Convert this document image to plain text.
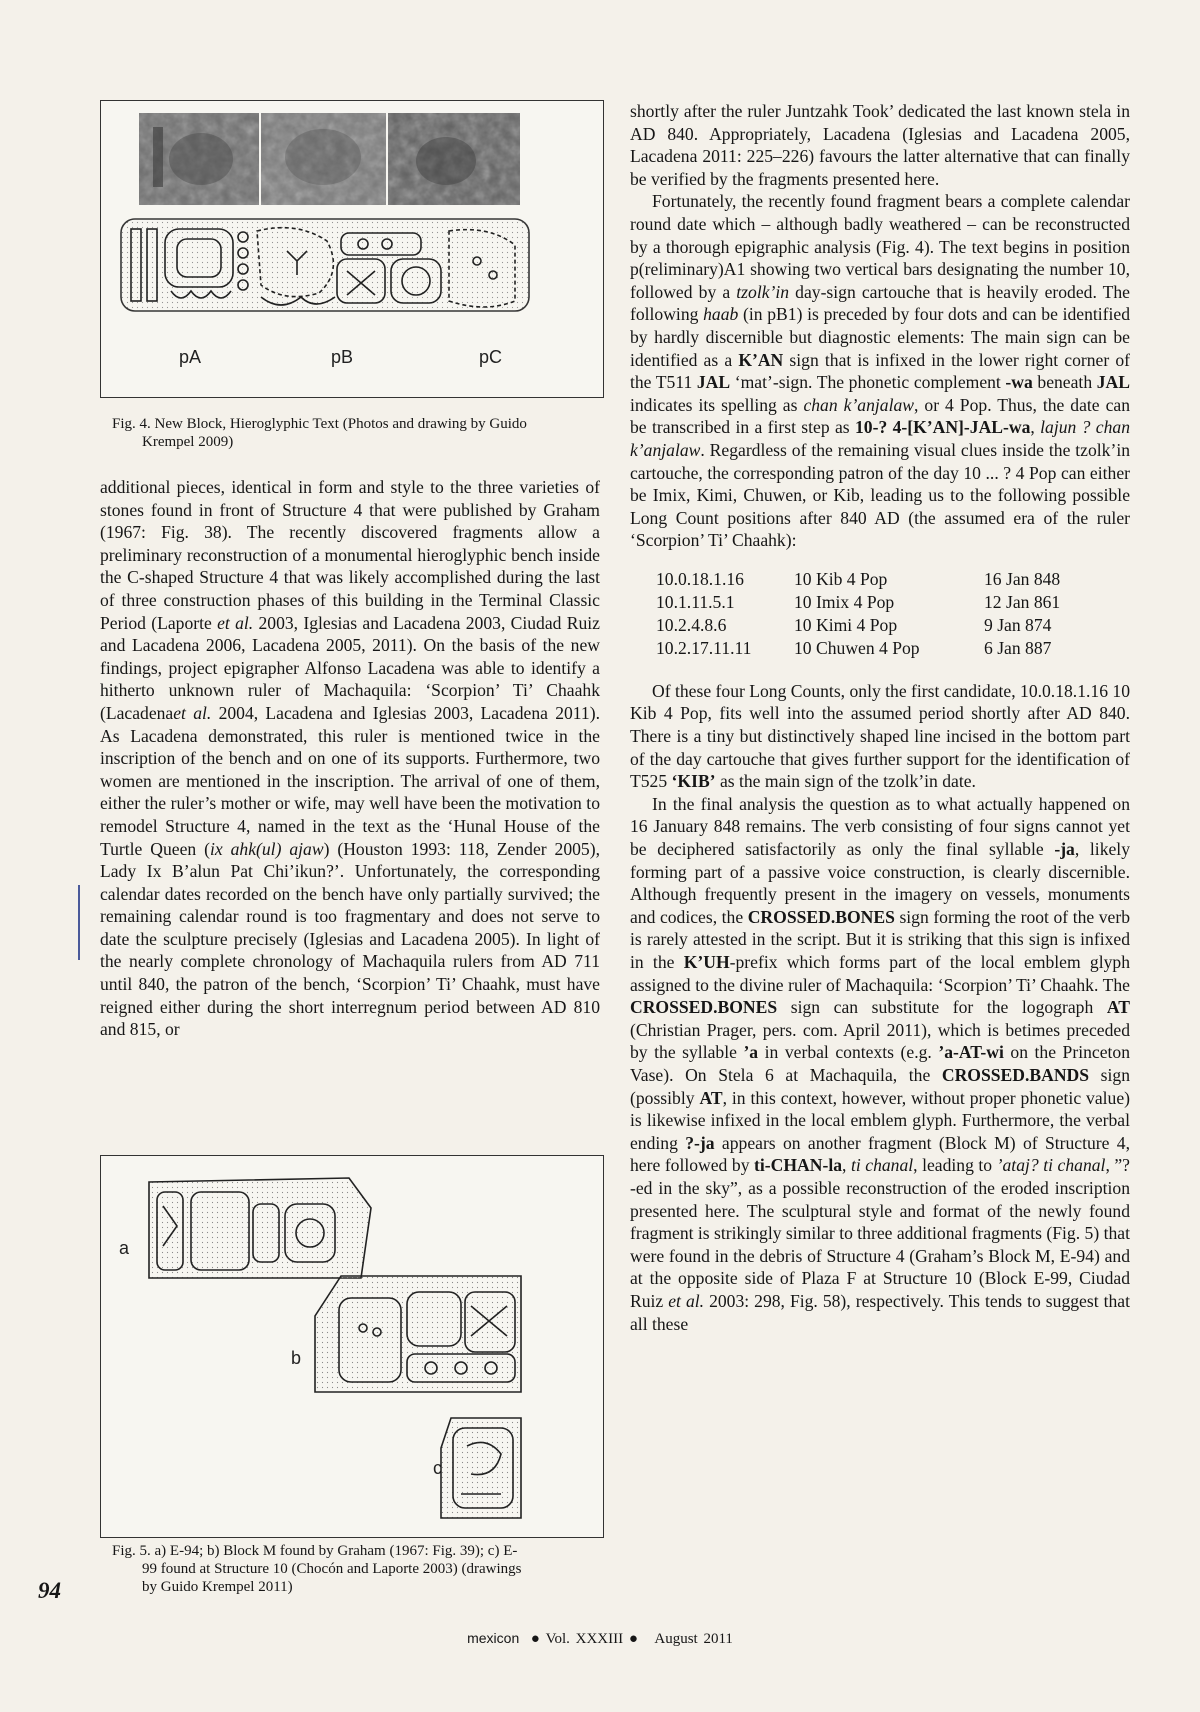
pA	pB	pC
Fig. 4. New Block, Hieroglyphic Text (Photos and drawing by Guido
Krempel 2009)

additional pieces, identical in form and style to the three varieties of stones found in front of Structure 4 that were published by Graham (1967: Fig. 38). The recently discovered fragments allow a preliminary reconstruction of a monumental hieroglyphic bench inside the C-shaped Structure 4 that was likely accomplished during the last of three construction phases of this building in the Terminal Classic Period (Laporte et al. 2003, Iglesias and Lacadena 2003, Ciudad Ruiz and Lacadena 2006, Lacadena 2005, 2011). On the basis of the new findings, project epigrapher Alfonso Lacadena was able to identify a hitherto unknown ruler of Machaquila: ‘Scorpion’ Ti’ Chaahk (Lacadenaet al. 2004, Lacadena and Iglesias 2003, Lacadena 2011). As Lacadena demonstrated, this ruler is mentioned twice in the inscription of the bench and on one of its supports. Furthermore, two women are mentioned in the inscription. The arrival of one of them, either the ruler’s mother or wife, may well have been the motivation to remodel Structure 4, named in the text as the ‘Hunal House of the Turtle Queen (ix ahk(ul) ajaw) (Houston 1993: 118, Zender 2005), Lady Ix B’alun Pat Chi’ikun?’. Unfortunately, the corresponding calendar dates recorded on the bench have only partially survived; the remaining calendar round is too fragmentary and does not serve to date the sculpture precisely (Iglesias and Lacadena 2005). In light of the nearly complete chronology of Machaquila rulers from AD 711 until 840, the patron of the bench, ‘Scorpion’ Ti’ Chaahk, must have reigned either during the short interregnum period between AD 810 and 815, or

a
b
c
Fig. 5. a) E-94; b) Block M found by Graham (1967: Fig. 39); c) E-
99 found at Structure 10 (Chocón and Laporte 2003) (drawings
by Guido Krempel 2011)

shortly after the ruler Juntzahk Took’ dedicated the last known stela in AD 840. Appropriately, Lacadena (Iglesias and Lacadena 2005, Lacadena 2011: 225–226) favours the latter alternative that can finally be verified by the fragments presented here.

Fortunately, the recently found fragment bears a complete calendar round date which – although badly weathered – can be reconstructed by a thorough epigraphic analysis (Fig. 4). The text begins in position p(reliminary)A1 showing two vertical bars designating the number 10, followed by a tzolk’in day-sign cartouche that is heavily eroded. The following haab (in pB1) is preceded by four dots and can be identified by hardly discernible but diagnostic elements: The main sign can be identified as a K’AN sign that is infixed in the lower right corner of the T511 JAL ‘mat’-sign. The phonetic complement -wa beneath JAL indicates its spelling as chan k’anjalaw, or 4 Pop. Thus, the date can be transcribed in a first step as 10-? 4-[K’AN]-JAL-wa, lajun ? chan k’anjalaw. Regardless of the remaining visual clues inside the tzolk’in cartouche, the corresponding patron of the day 10 ... ? 4 Pop can either be Imix, Kimi, Chuwen, or Kib, leading us to the following possible Long Count positions after 840 AD (the assumed era of the ruler ‘Scorpion’ Ti’ Chaahk):

10.0.18.1.16	10 Kib 4 Pop	16 Jan 848
10.1.11.5.1	10 Imix 4 Pop	12 Jan 861
10.2.4.8.6	10 Kimi 4 Pop	9 Jan 874
10.2.17.11.11	10 Chuwen 4 Pop	6 Jan 887

Of these four Long Counts, only the first candidate, 10.0.18.1.16 10 Kib 4 Pop, fits well into the assumed period shortly after AD 840. There is a tiny but distinctively shaped line incised in the bottom part of the day cartouche that gives further support for the identification of T525 ‘KIB’ as the main sign of the tzolk’in date.

In the final analysis the question as to what actually happened on 16 January 848 remains. The verb consisting of four signs cannot yet be deciphered satisfactorily as only the final syllable -ja, likely forming part of a passive voice construction, is clearly discernible. Although frequently present in the imagery on vessels, monuments and codices, the CROSSED.BONES sign forming the root of the verb is rarely attested in the script. But it is striking that this sign is infixed in the K’UH-prefix which forms part of the local emblem glyph assigned to the divine ruler of Machaquila: ‘Scorpion’ Ti’ Chaahk. The CROSSED.BONES sign can substitute for the logograph AT (Christian Prager, pers. com. April 2011), which is betimes preceded by the syllable ’a in verbal contexts (e.g. ’a-AT-wi on the Princeton Vase). On Stela 6 at Machaquila, the CROSSED.BANDS sign (possibly AT, in this context, however, without proper phonetic value) is likewise infixed in the local emblem glyph. Furthermore, the verbal ending ?-ja appears on another fragment (Block M) of Structure 4, here followed by ti-CHAN-la, ti chanal, leading to ’ataj? ti chanal, ”?-ed in the sky”, as a possible reconstruction of the eroded inscription presented here. The sculptural style and format of the newly found fragment is strikingly similar to three additional fragments (Fig. 5) that were found in the debris of Structure 4 (Graham’s Block M, E-94) and at the opposite side of Plaza F at Structure 10 (Block E-99, Ciudad Ruiz et al. 2003: 298, Fig. 58), respectively. This tends to suggest that all these

94
mexicon  ● Vol. XXXIII ●   August 2011
